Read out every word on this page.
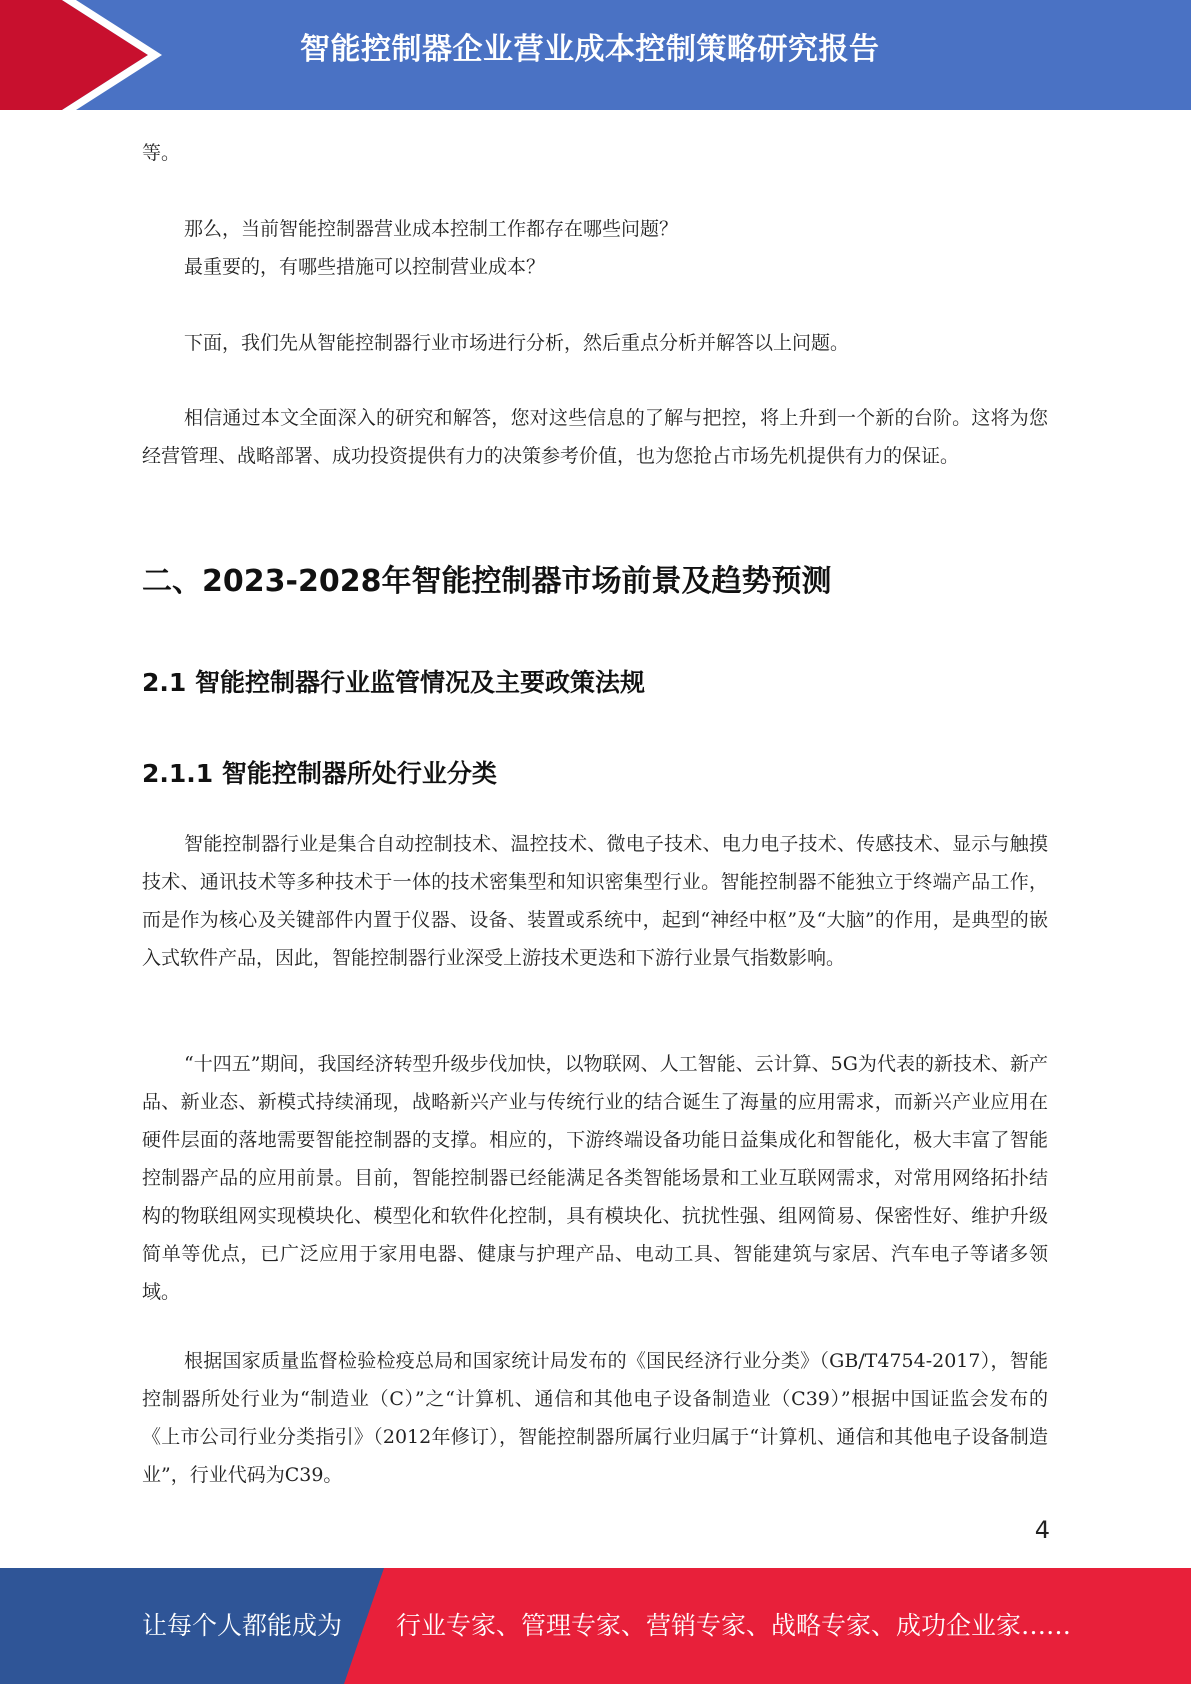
智能控制器企业营业成本控制策略研究报告
等。
那么，当前智能控制器营业成本控制工作都存在哪些问题？
最重要的，有哪些措施可以控制营业成本？
下面，我们先从智能控制器行业市场进行分析，然后重点分析并解答以上问题。
相信通过本文全面深入的研究和解答，您对这些信息的了解与把控，将上升到一个新的台阶。这将为您经营管理、战略部署、成功投资提供有力的决策参考价值，也为您抢占市场先机提供有力的保证。
二、2023-2028年智能控制器市场前景及趋势预测
2.1 智能控制器行业监管情况及主要政策法规
2.1.1 智能控制器所处行业分类
智能控制器行业是集合自动控制技术、温控技术、微电子技术、电力电子技术、传感技术、显示与触摸技术、通讯技术等多种技术于一体的技术密集型和知识密集型行业。智能控制器不能独立于终端产品工作，而是作为核心及关键部件内置于仪器、设备、装置或系统中，起到“神经中枢”及“大脑”的作用，是典型的嵌入式软件产品，因此，智能控制器行业深受上游技术更迭和下游行业景气指数影响。
“十四五”期间，我国经济转型升级步伐加快，以物联网、人工智能、云计算、5G为代表的新技术、新产品、新业态、新模式持续涌现，战略新兴产业与传统行业的结合诞生了海量的应用需求，而新兴产业应用在硬件层面的落地需要智能控制器的支撑。相应的，下游终端设备功能日益集成化和智能化，极大丰富了智能控制器产品的应用前景。目前，智能控制器已经能满足各类智能场景和工业互联网需求，对常用网络拓扑结构的物联组网实现模块化、模型化和软件化控制，具有模块化、抗扰性强、组网简易、保密性好、维护升级简单等优点，已广泛应用于家用电器、健康与护理产品、电动工具、智能建筑与家居、汽车电子等诸多领域。
根据国家质量监督检验检疫总局和国家统计局发布的《国民经济行业分类》（GB/T4754-2017），智能控制器所处行业为“制造业（C）”之“计算机、通信和其他电子设备制造业（C39）”根据中国证监会发布的《上市公司行业分类指引》（2012年修订），智能控制器所属行业归属于“计算机、通信和其他电子设备制造业”，行业代码为C39。
4
让每个人都能成为 行业专家、管理专家、营销专家、战略专家、成功企业家……
